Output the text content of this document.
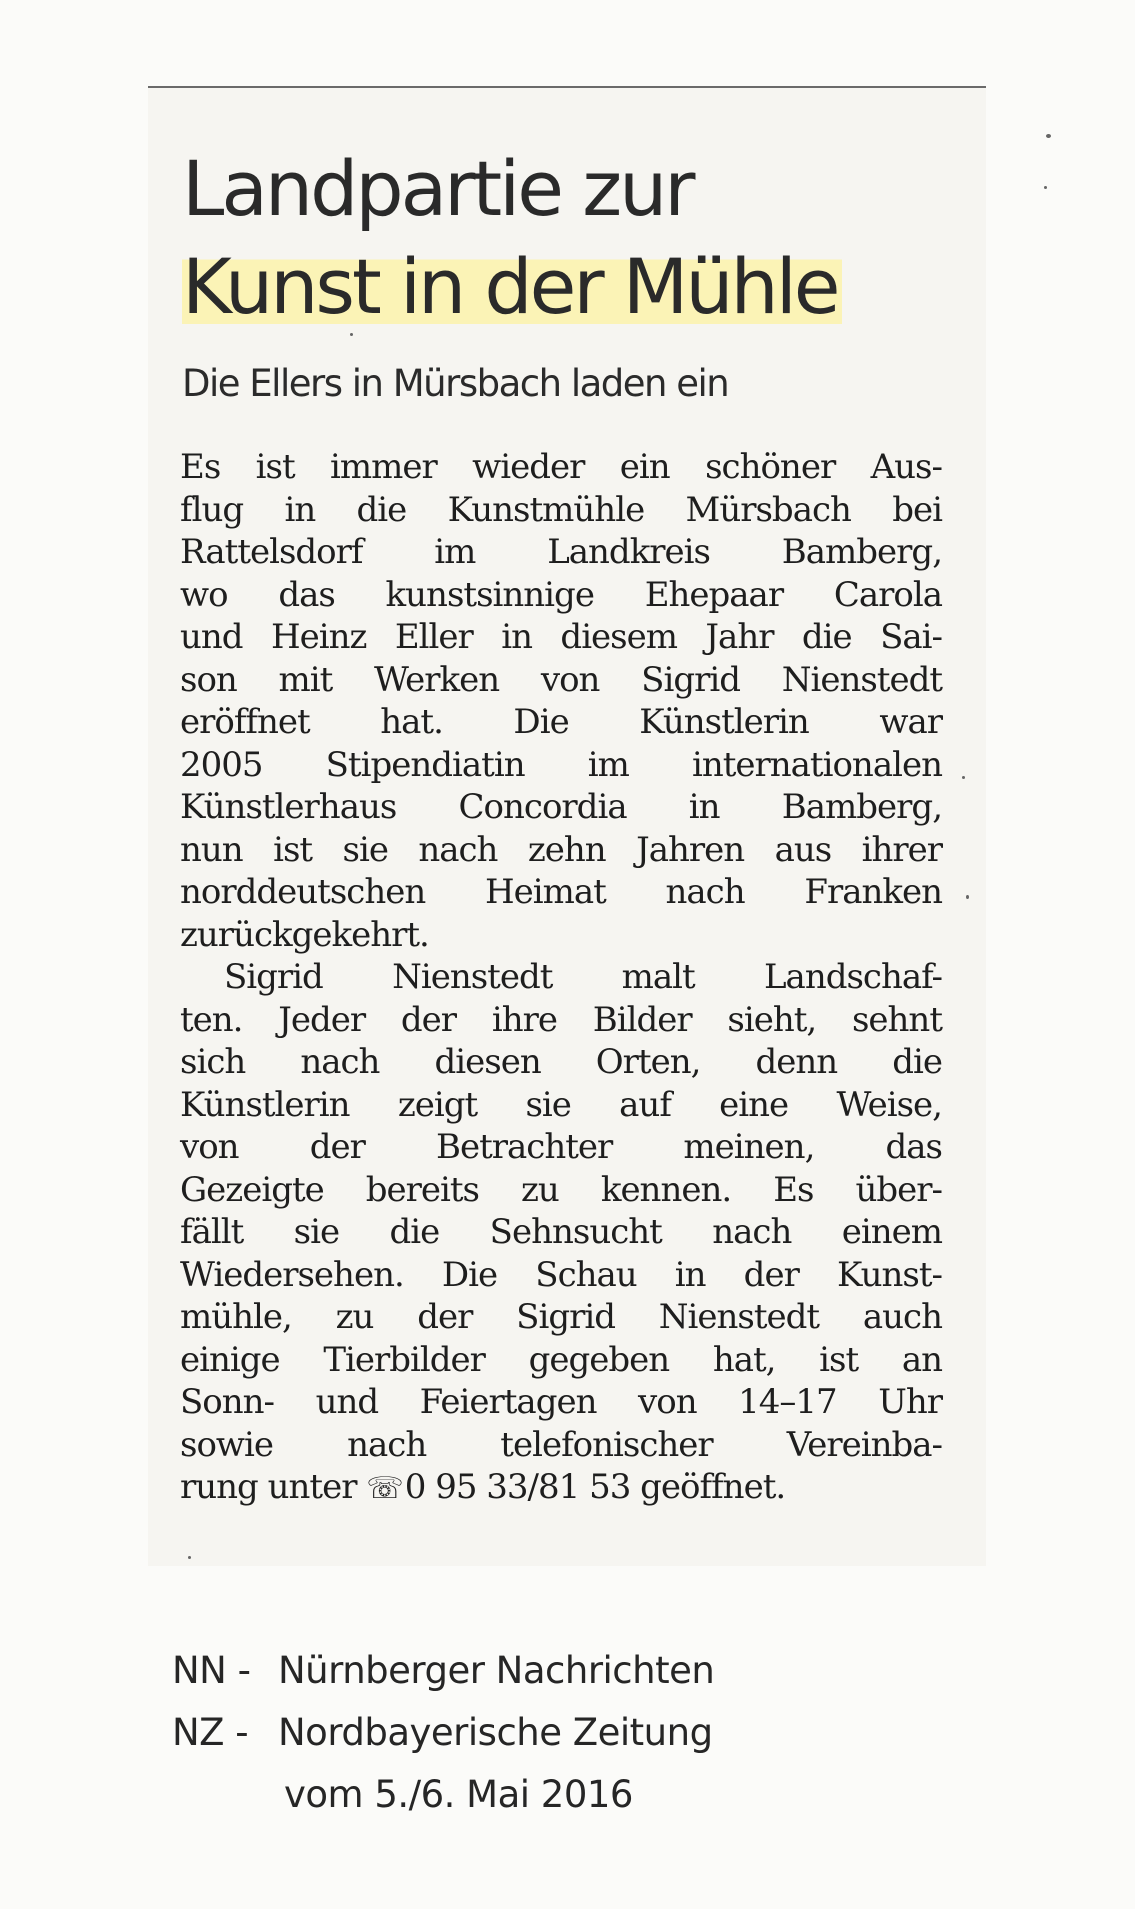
Landpartie zur
Kunst in der Mühle
Die Ellers in Mürsbach laden ein
Es ist immer wieder ein schöner Aus-
flug in die Kunstmühle Mürsbach bei
Rattelsdorf im Landkreis Bamberg,
wo das kunstsinnige Ehepaar Carola
und Heinz Eller in diesem Jahr die Sai-
son mit Werken von Sigrid Nienstedt
eröffnet hat. Die Künstlerin war
2005 Stipendiatin im internationalen
Künstlerhaus Concordia in Bamberg,
nun ist sie nach zehn Jahren aus ihrer
norddeutschen Heimat nach Franken
zurückgekehrt.
Sigrid Nienstedt malt Landschaf-
ten. Jeder der ihre Bilder sieht, sehnt
sich nach diesen Orten, denn die
Künstlerin zeigt sie auf eine Weise,
von der Betrachter meinen, das
Gezeigte bereits zu kennen. Es über-
fällt sie die Sehnsucht nach einem
Wiedersehen. Die Schau in der Kunst-
mühle, zu der Sigrid Nienstedt auch
einige Tierbilder gegeben hat, ist an
Sonn- und Feiertagen von 14–17 Uhr
sowie nach telefonischer Vereinba-
rung unter ☏0 95 33/81 53 geöffnet.
NN - Nürnberger Nachrichten
NZ - Nordbayerische Zeitung
vom 5./6. Mai 2016
